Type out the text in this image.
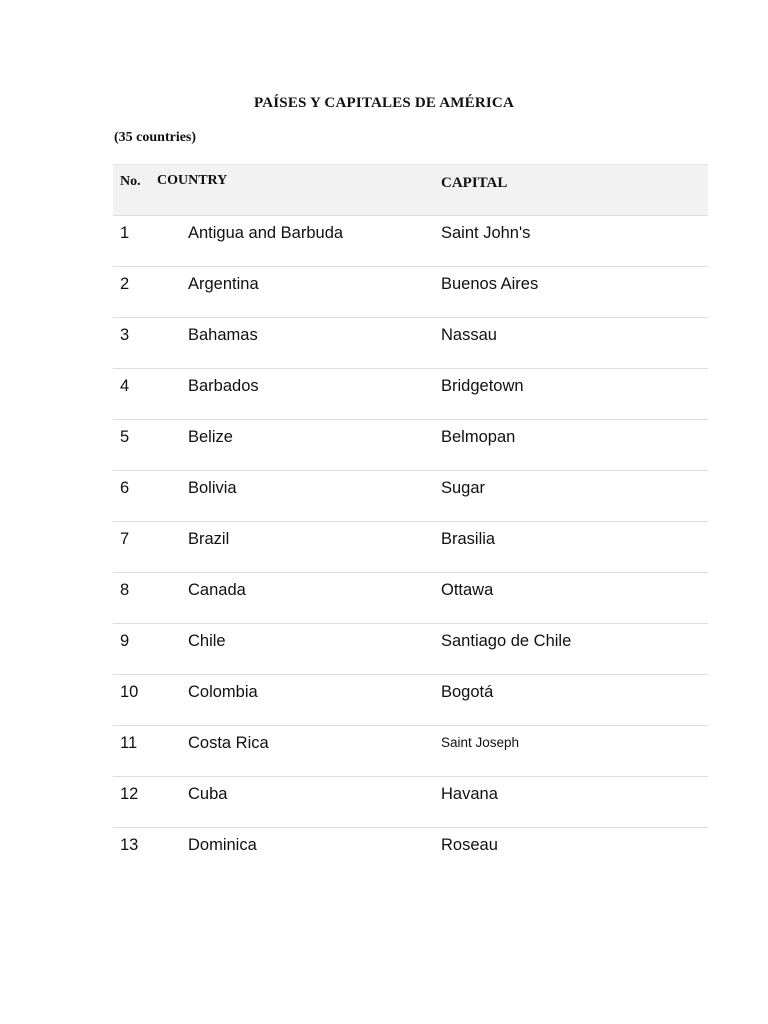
PAÍSES Y CAPITALES DE AMÉRICA
(35 countries)
No. COUNTRY	CAPITAL
1	Antigua and Barbuda	Saint John's
2	Argentina	Buenos Aires
3	Bahamas	Nassau
4	Barbados	Bridgetown
5	Belize	Belmopan
6	Bolivia	Sugar
7	Brazil	Brasilia
8	Canada	Ottawa
9	Chile	Santiago de Chile
10	Colombia	Bogotá
11	Costa Rica	Saint Joseph
12	Cuba	Havana
13	Dominica	Roseau
